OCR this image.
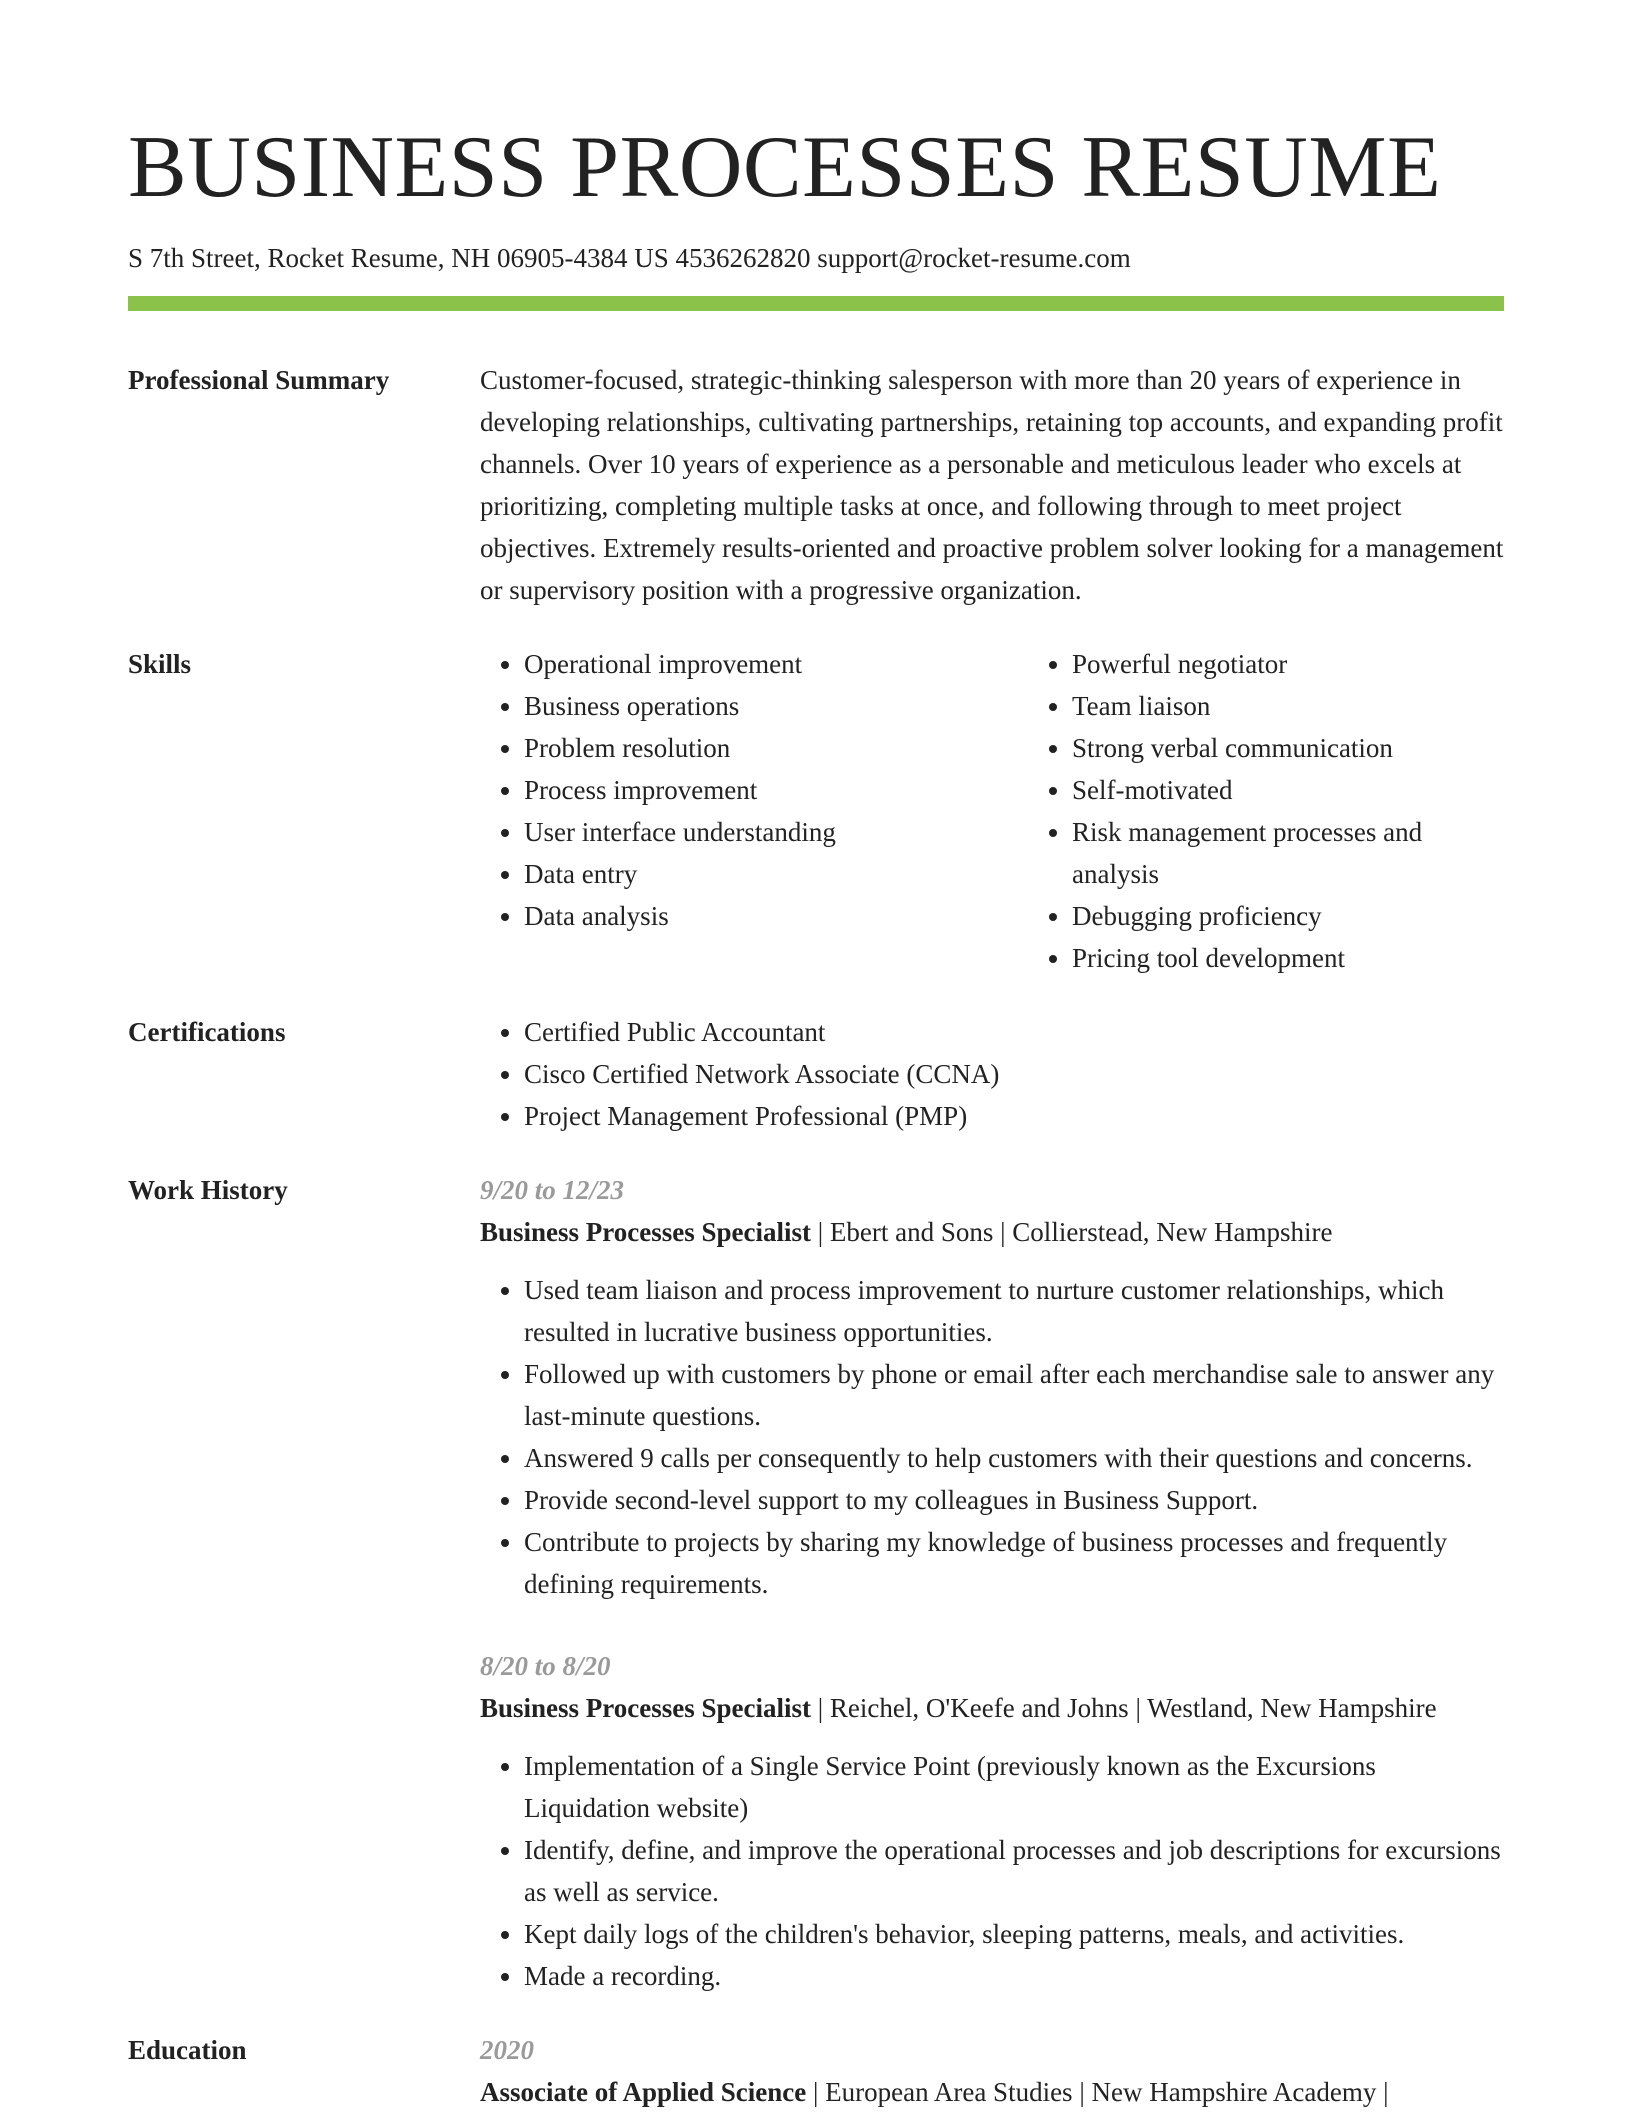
BUSINESS PROCESSES RESUME
S 7th Street, Rocket Resume, NH 06905-4384 US 4536262820 support@rocket-resume.com
Professional Summary	Customer-focused, strategic-thinking salesperson with more than 20 years of experience in developing relationships, cultivating partnerships, retaining top accounts, and expanding profit channels. Over 10 years of experience as a personable and meticulous leader who excels at prioritizing, completing multiple tasks at once, and following through to meet project objectives. Extremely results-oriented and proactive problem solver looking for a management or supervisory position with a progressive organization.

Skills	• Operational improvement
• Business operations
• Problem resolution
• Process improvement
• User interface understanding
• Data entry
• Data analysis
• Powerful negotiator
• Team liaison
• Strong verbal communication
• Self-motivated
• Risk management processes and analysis
• Debugging proficiency
• Pricing tool development
Certifications	• Certified Public Accountant
• Cisco Certified Network Associate (CCNA)
• Project Management Professional (PMP)
Work History	9/20 to 12/23
Business Processes Specialist | Ebert and Sons | Collierstead, New Hampshire
• Used team liaison and process improvement to nurture customer relationships, which resulted in lucrative business opportunities.
• Followed up with customers by phone or email after each merchandise sale to answer any last-minute questions.
• Answered 9 calls per consequently to help customers with their questions and concerns.
• Provide second-level support to my colleagues in Business Support.
• Contribute to projects by sharing my knowledge of business processes and frequently defining requirements.
8/20 to 8/20
Business Processes Specialist | Reichel, O'Keefe and Johns | Westland, New Hampshire
• Implementation of a Single Service Point (previously known as the Excursions Liquidation website)
• Identify, define, and improve the operational processes and job descriptions for excursions as well as service.
• Kept daily logs of the children's behavior, sleeping patterns, meals, and activities.
• Made a recording.
Education	2020
Associate of Applied Science | European Area Studies | New Hampshire Academy |
